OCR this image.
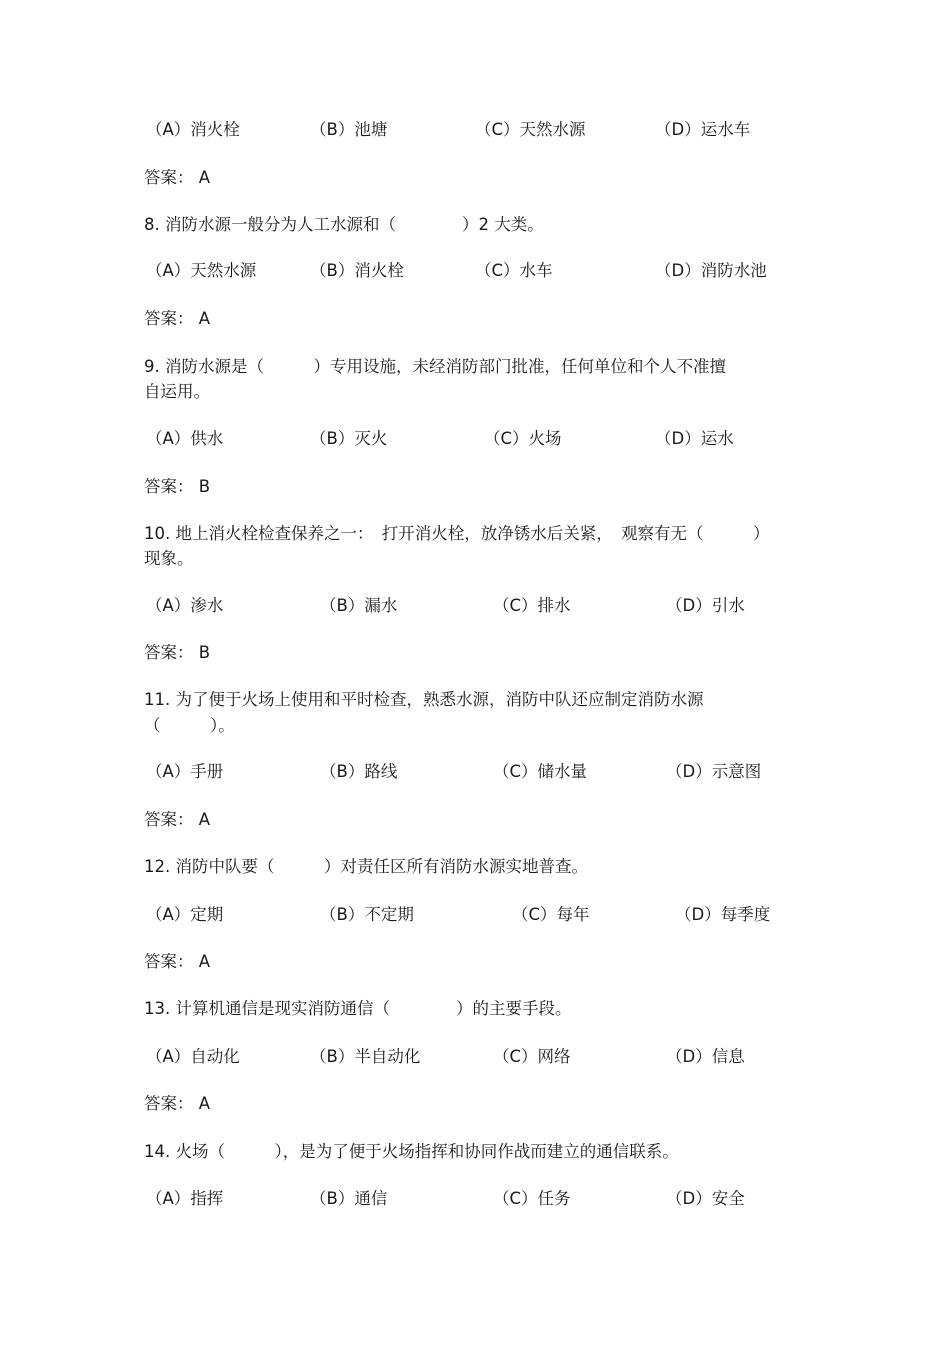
（A）消火栓	（B）池塘	（C）天然水源	（D）运水车
答案： A
8. 消防水源一般分为人工水源和（　　　　）2 大类。
（A）天然水源	（B）消火栓	（C）水车	（D）消防水池
答案： A
9. 消防水源是（　　　）专用设施，未经消防部门批准，任何单位和个人不准擅
自运用。
（A）供水	（B）灭火	（C）火场	（D）运水
答案： B
10. 地上消火栓检查保养之一：　打开消火栓，放净锈水后关紧，　观察有无（　　　）
现象。
（A）渗水	（B）漏水	（C）排水	（D）引水
答案： B
11. 为了便于火场上使用和平时检查，熟悉水源，消防中队还应制定消防水源
（　　　）。
（A）手册	（B）路线	（C）储水量	（D）示意图
答案： A
12. 消防中队要（　　　）对责任区所有消防水源实地普查。
（A）定期	（B）不定期	（C）每年	（D）每季度
答案： A
13. 计算机通信是现实消防通信（　　　　）的主要手段。
（A）自动化	（B）半自动化	（C）网络	（D）信息
答案： A
14. 火场（　　　），是为了便于火场指挥和协同作战而建立的通信联系。
（A）指挥	（B）通信	（C）任务	（D）安全
